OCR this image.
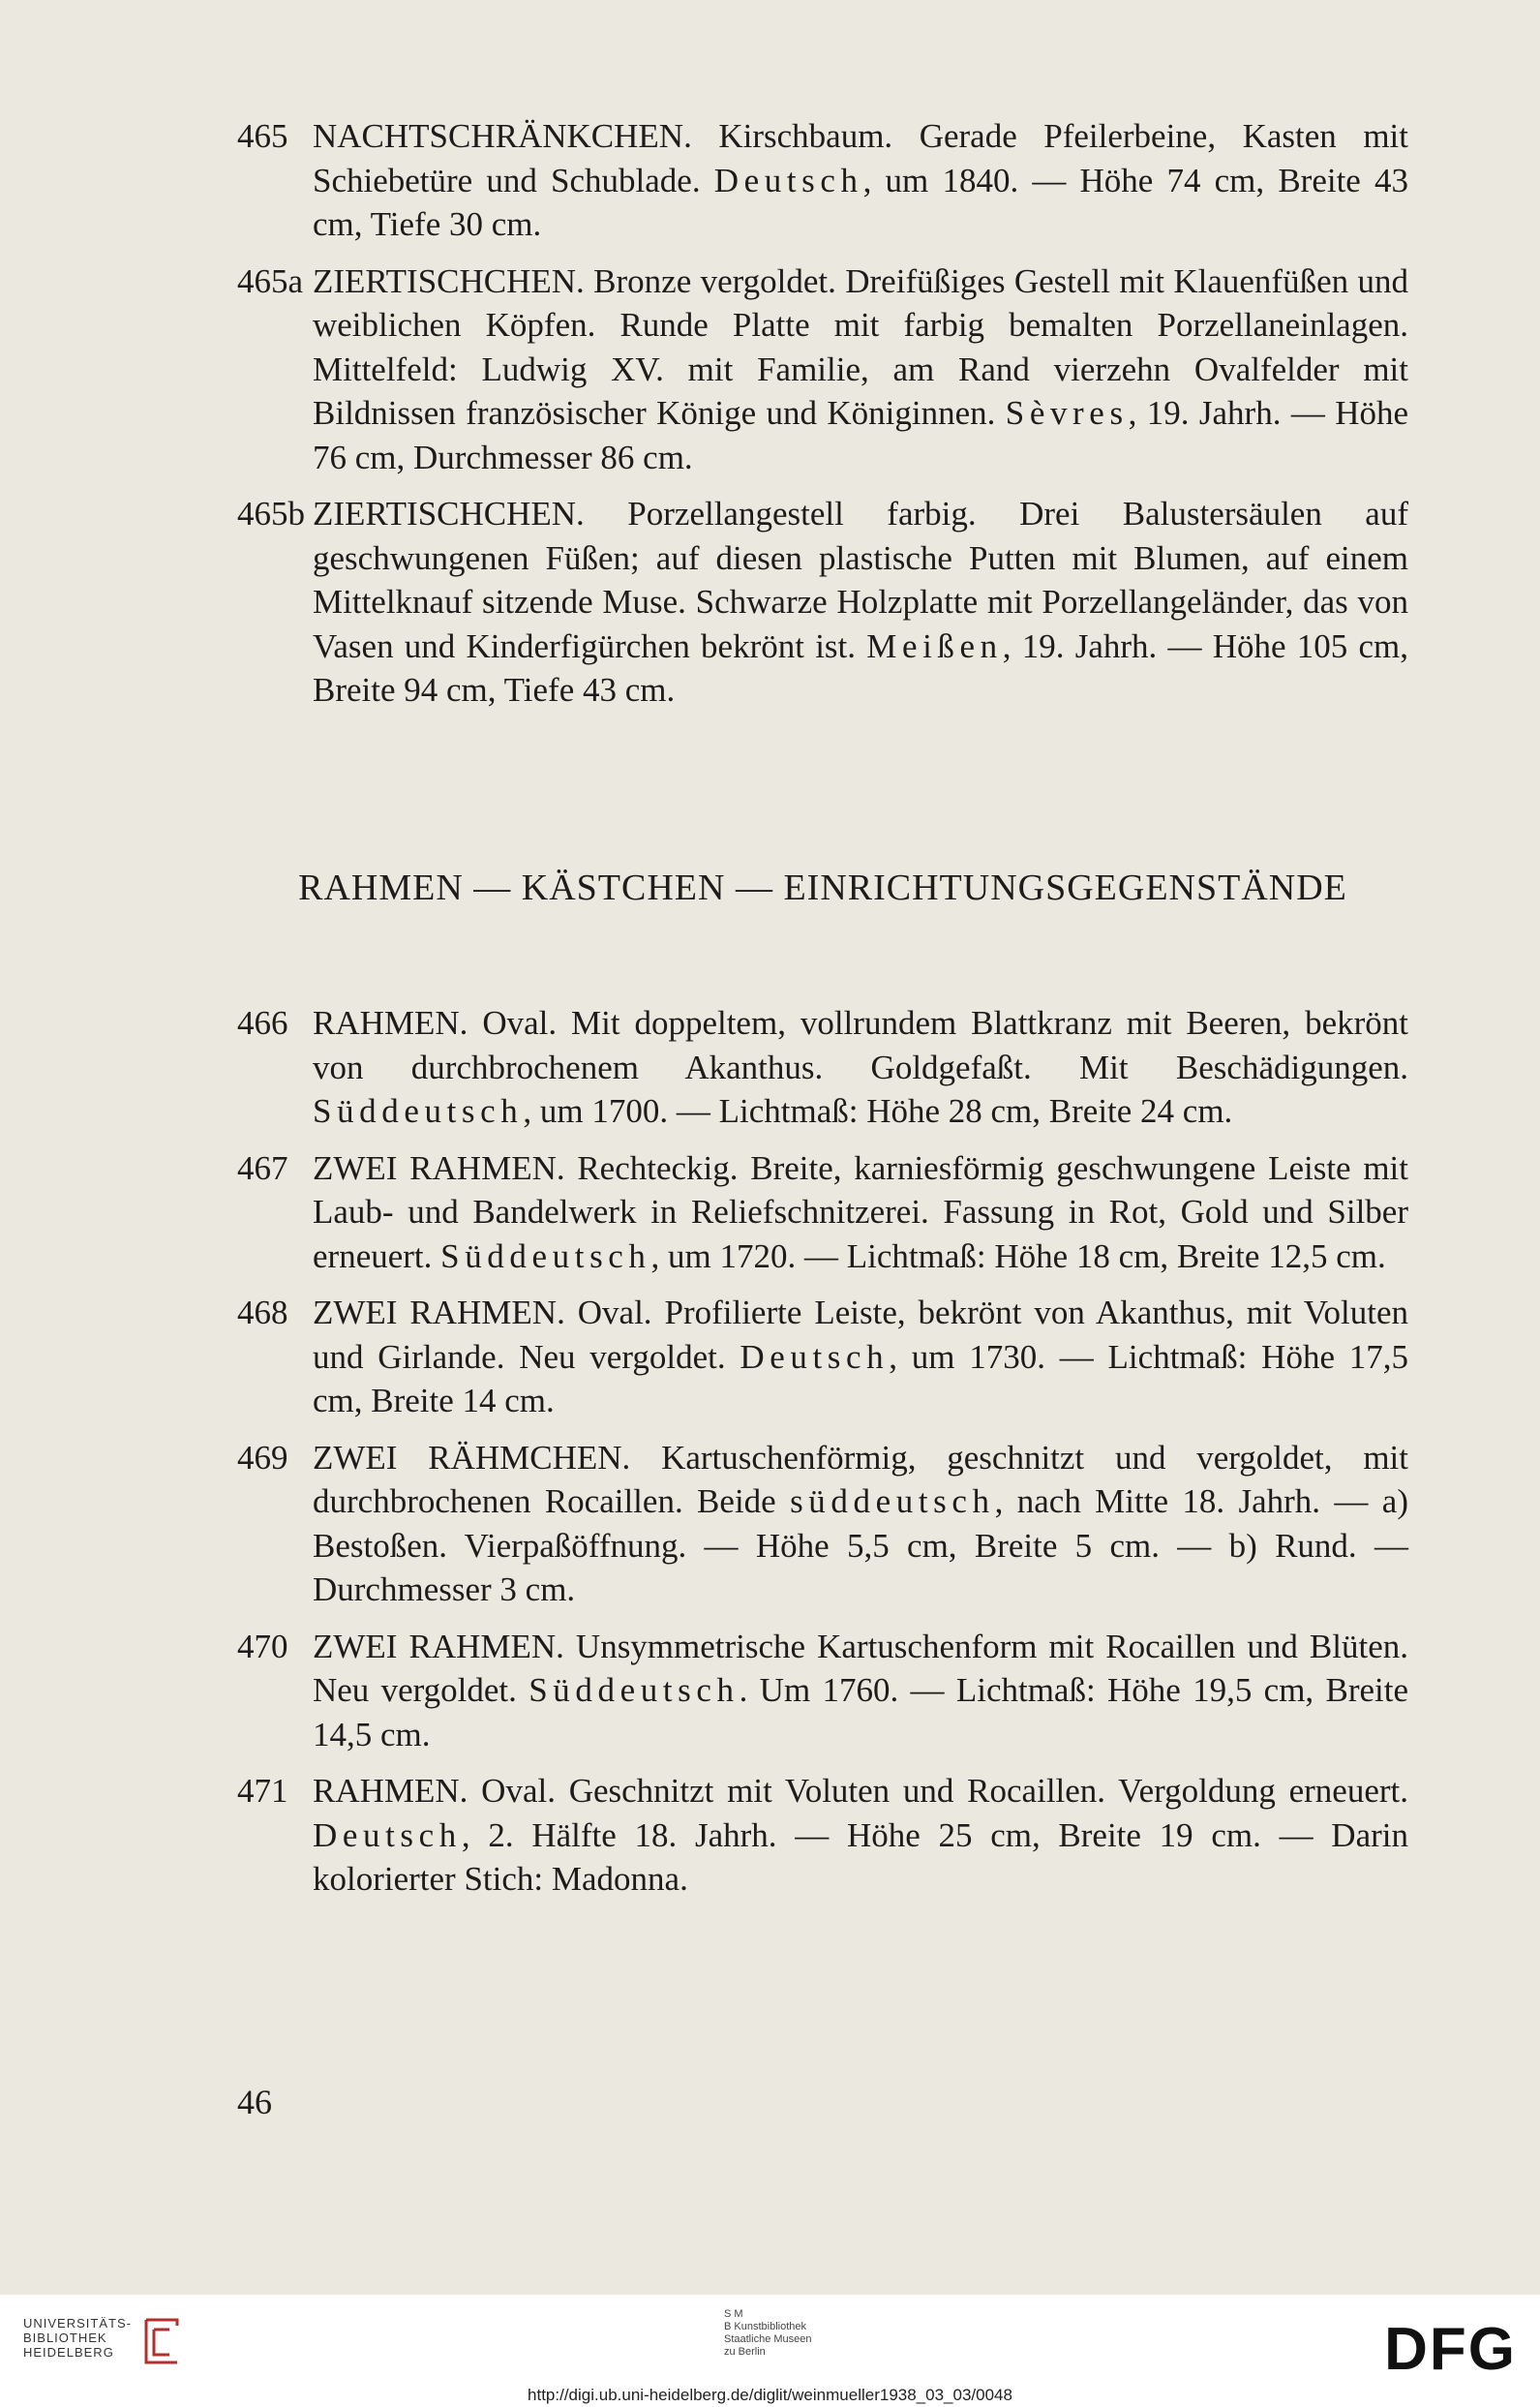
465 NACHTSCHRÄNKCHEN. Kirschbaum. Gerade Pfeilerbeine, Kasten mit Schiebetüre und Schublade. Deutsch, um 1840. — Höhe 74 cm, Breite 43 cm, Tiefe 30 cm.
465a ZIERTISCHCHEN. Bronze vergoldet. Dreifüßiges Gestell mit Klauenfüßen und weiblichen Köpfen. Runde Platte mit farbig bemalten Porzellaneinlagen. Mittelfeld: Ludwig XV. mit Familie, am Rand vierzehn Ovalfelder mit Bildnissen französischer Könige und Königinnen. Sèvres, 19. Jahrh. — Höhe 76 cm, Durchmesser 86 cm.
465b ZIERTISCHCHEN. Porzellangestell farbig. Drei Balustersäulen auf geschwungenen Füßen; auf diesen plastische Putten mit Blumen, auf einem Mittelknauf sitzende Muse. Schwarze Holzplatte mit Porzellangeländer, das von Vasen und Kinderfigürchen bekrönt ist. Meißen, 19. Jahrh. — Höhe 105 cm, Breite 94 cm, Tiefe 43 cm.
RAHMEN — KÄSTCHEN — EINRICHTUNGSGEGENSTÄNDE
466 RAHMEN. Oval. Mit doppeltem, vollrundem Blattkranz mit Beeren, bekrönt von durchbrochenem Akanthus. Goldgefaßt. Mit Beschädigungen. Süddeutsch, um 1700. — Lichtmaß: Höhe 28 cm, Breite 24 cm.
467 ZWEI RAHMEN. Rechteckig. Breite, karniesförmig geschwungene Leiste mit Laub- und Bandelwerk in Reliefschnitzerei. Fassung in Rot, Gold und Silber erneuert. Süddeutsch, um 1720. — Lichtmaß: Höhe 18 cm, Breite 12,5 cm.
468 ZWEI RAHMEN. Oval. Profilierte Leiste, bekrönt von Akanthus, mit Voluten und Girlande. Neu vergoldet. Deutsch, um 1730. — Lichtmaß: Höhe 17,5 cm, Breite 14 cm.
469 ZWEI RÄHMCHEN. Kartuschenförmig, geschnitzt und vergoldet, mit durchbrochenen Rocaillen. Beide süddeutsch, nach Mitte 18. Jahrh. — a) Bestoßen. Vierpaßöffnung. — Höhe 5,5 cm, Breite 5 cm. — b) Rund. — Durchmesser 3 cm.
470 ZWEI RAHMEN. Unsymmetrische Kartuschenform mit Rocaillen und Blüten. Neu vergoldet. Süddeutsch. Um 1760. — Lichtmaß: Höhe 19,5 cm, Breite 14,5 cm.
471 RAHMEN. Oval. Geschnitzt mit Voluten und Rocaillen. Vergoldung erneuert. Deutsch, 2. Hälfte 18. Jahrh. — Höhe 25 cm, Breite 19 cm. — Darin kolorierter Stich: Madonna.
46
UNIVERSITÄTS-
BIBLIOTHEK
HEIDELBERG
S M
B Kunstbibliothek
Staatliche Museen
zu Berlin	DFG
http://digi.ub.uni-heidelberg.de/diglit/weinmueller1938_03_03/0048
